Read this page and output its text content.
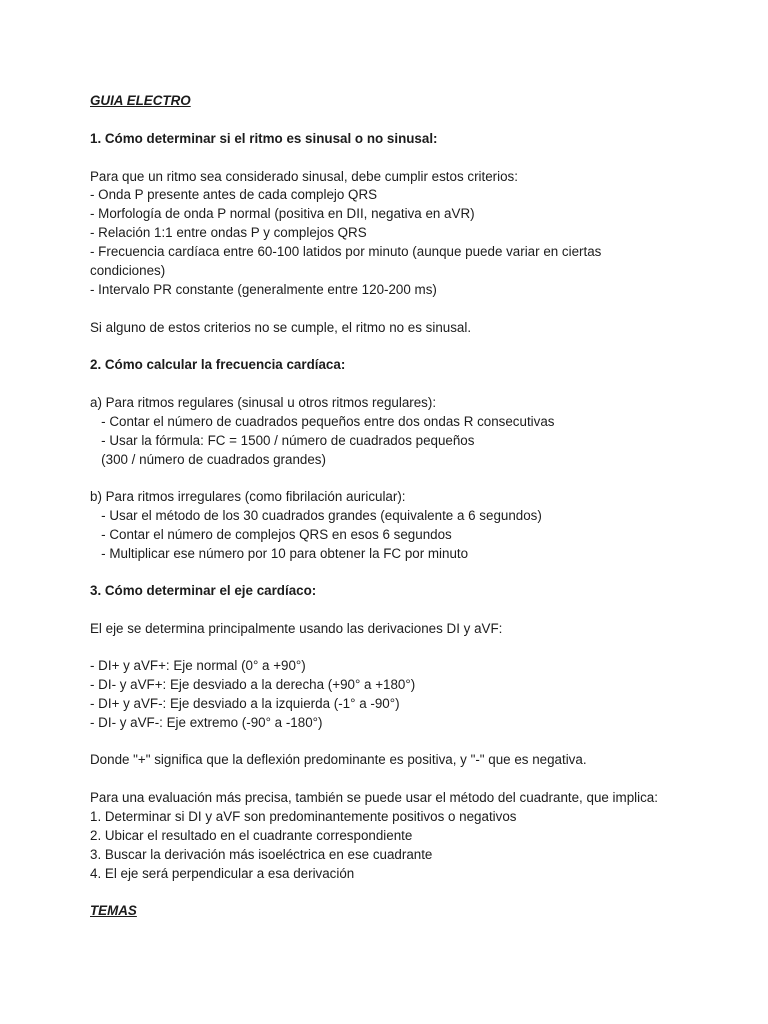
GUIA ELECTRO
1. Cómo determinar si el ritmo es sinusal o no sinusal:
Para que un ritmo sea considerado sinusal, debe cumplir estos criterios:
- Onda P presente antes de cada complejo QRS
- Morfología de onda P normal (positiva en DII, negativa en aVR)
- Relación 1:1 entre ondas P y complejos QRS
- Frecuencia cardíaca entre 60-100 latidos por minuto (aunque puede variar en ciertas
condiciones)
- Intervalo PR constante (generalmente entre 120-200 ms)
Si alguno de estos criterios no se cumple, el ritmo no es sinusal.
2. Cómo calcular la frecuencia cardíaca:
a) Para ritmos regulares (sinusal u otros ritmos regulares):
- Contar el número de cuadrados pequeños entre dos ondas R consecutivas
- Usar la fórmula: FC = 1500 / número de cuadrados pequeños
(300 / número de cuadrados grandes)
b) Para ritmos irregulares (como fibrilación auricular):
- Usar el método de los 30 cuadrados grandes (equivalente a 6 segundos)
- Contar el número de complejos QRS en esos 6 segundos
- Multiplicar ese número por 10 para obtener la FC por minuto
3. Cómo determinar el eje cardíaco:
El eje se determina principalmente usando las derivaciones DI y aVF:
- DI+ y aVF+: Eje normal (0° a +90°)
- DI- y aVF+: Eje desviado a la derecha (+90° a +180°)
- DI+ y aVF-: Eje desviado a la izquierda (-1° a -90°)
- DI- y aVF-: Eje extremo (-90° a -180°)
Donde "+" significa que la deflexión predominante es positiva, y "-" que es negativa.
Para una evaluación más precisa, también se puede usar el método del cuadrante, que implica:
1. Determinar si DI y aVF son predominantemente positivos o negativos
2. Ubicar el resultado en el cuadrante correspondiente
3. Buscar la derivación más isoeléctrica en ese cuadrante
4. El eje será perpendicular a esa derivación
TEMAS
